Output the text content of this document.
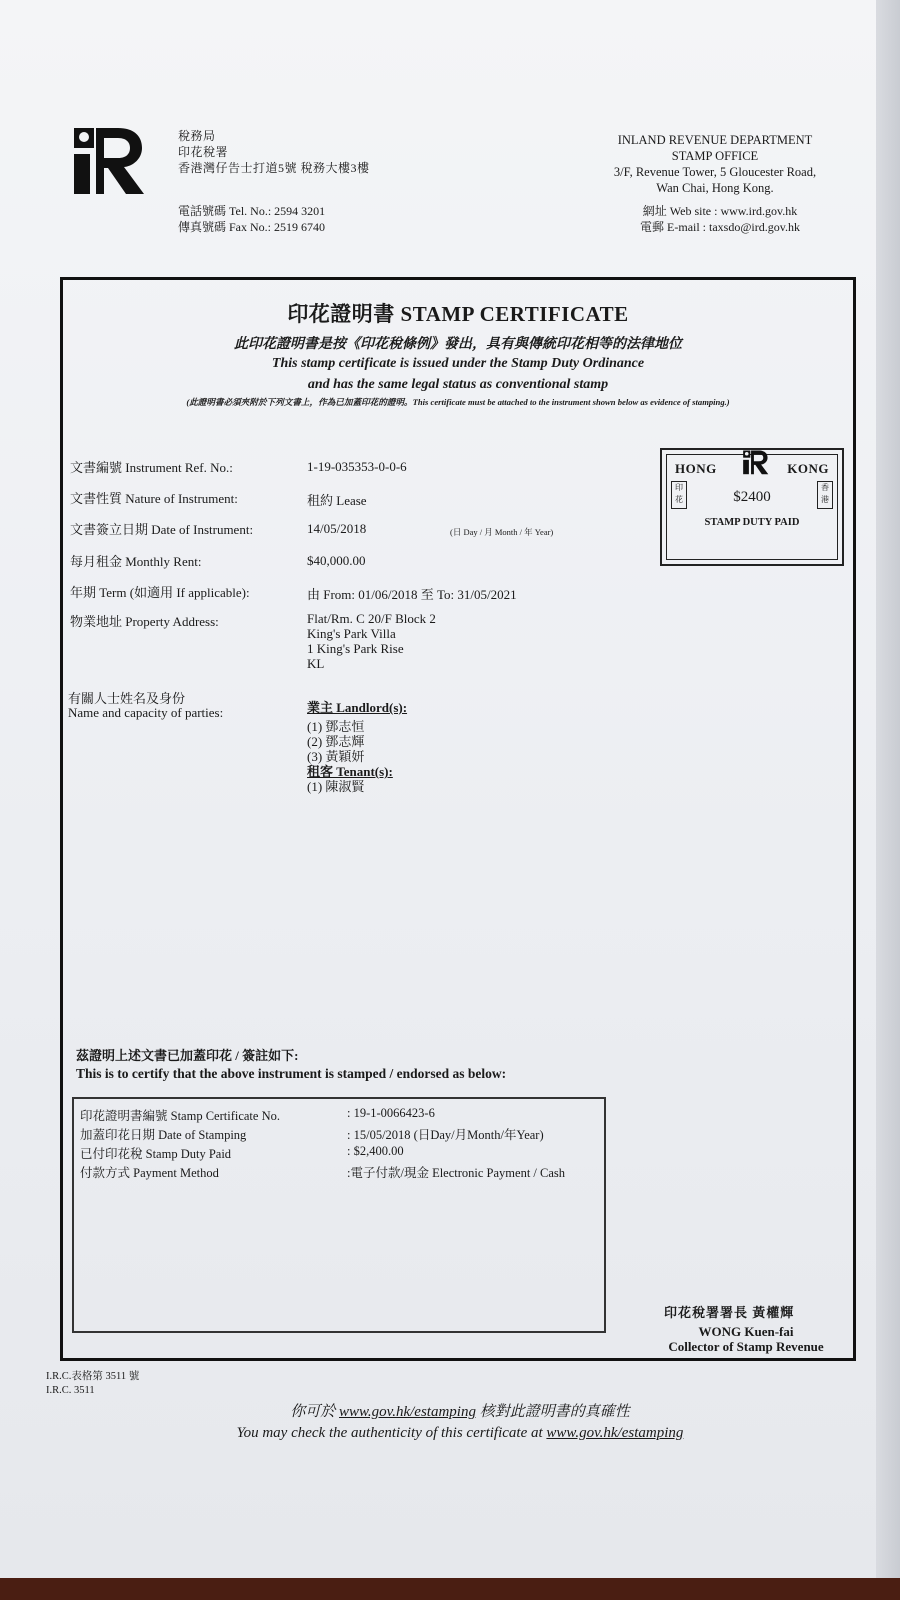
稅務局
印花稅署
香港灣仔告士打道5號 稅務大樓3樓
電話號碼 Tel. No.: 2594 3201
傳真號碼 Fax No.: 2519 6740
INLAND REVENUE DEPARTMENT
STAMP OFFICE
3/F, Revenue Tower, 5 Gloucester Road,
Wan Chai, Hong Kong.
網址 Web site : www.ird.gov.hk
電郵 E-mail : taxsdo@ird.gov.hk
印花證明書 STAMP CERTIFICATE
此印花證明書是按《印花稅條例》發出，具有與傳統印花相等的法律地位
This stamp certificate is issued under the Stamp Duty Ordinance
and has the same legal status as conventional stamp
(此證明書必須夾附於下列文書上，作為已加蓋印花的證明。This certificate must be attached to the instrument shown below as evidence of stamping.)
文書編號 Instrument Ref. No.:	1-19-035353-0-0-6
文書性質 Nature of Instrument:	租約 Lease
文書簽立日期 Date of Instrument:	14/05/2018	(日 Day / 月 Month / 年 Year)
每月租金 Monthly Rent:	$40,000.00
年期 Term (如適用 If applicable):	由 From: 01/06/2018 至 To: 31/05/2021
物業地址 Property Address:	Flat/Rm. C 20/F Block 2
King's Park Villa
1 King's Park Rise
KL
有關人士姓名及身份
Name and capacity of parties:	業主 Landlord(s):
(1) 鄧志恒
(2) 鄧志輝
(3) 黃穎妍
租客 Tenant(s):
(1) 陳淑賢
HONG	KONG
$2400
STAMP DUTY PAID
印花
香港
茲證明上述文書已加蓋印花 / 簽註如下:
This is to certify that the above instrument is stamped / endorsed as below:
印花證明書編號 Stamp Certificate No.	: 19-1-0066423-6
加蓋印花日期 Date of Stamping	: 15/05/2018 (日Day/月Month/年Year)
已付印花稅 Stamp Duty Paid	: $2,400.00
付款方式 Payment Method	:電子付款/現金 Electronic Payment / Cash
印花稅署署長 黃權輝
WONG Kuen-fai
Collector of Stamp Revenue
I.R.C.表格第 3511 號
I.R.C. 3511
你可於 www.gov.hk/estamping 核對此證明書的真確性
You may check the authenticity of this certificate at www.gov.hk/estamping
